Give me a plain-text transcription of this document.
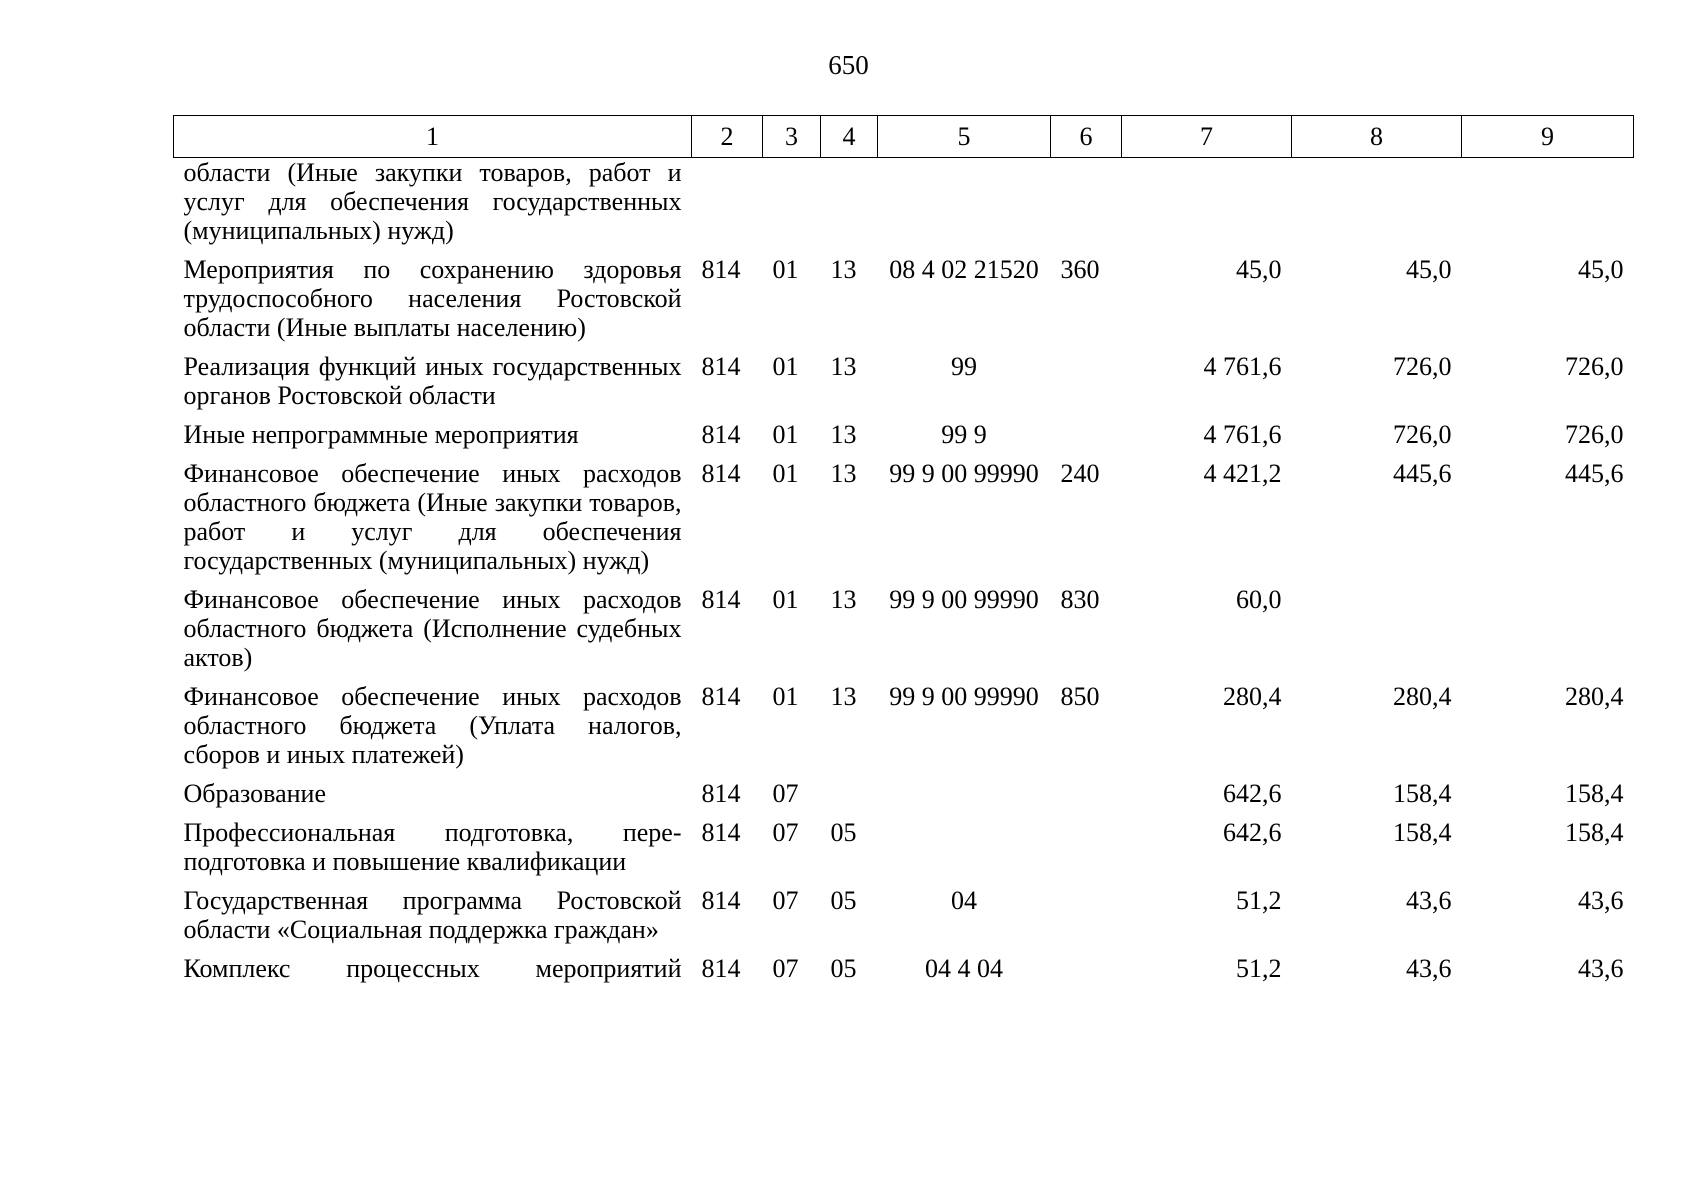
650
1	2	3	4	5	6	7	8	9
области (Иные закупки товаров, работ и услуг для обеспечения государственных (муниципальных) нужд)								
Мероприятия по сохранению здоровья трудоспособного населения Ростовской области (Иные выплаты населению)	814	01	13	08 4 02 21520	360	45,0	45,0	45,0
Реализация функций иных государственных органов Ростовской области	814	01	13	99		4 761,6	726,0	726,0
Иные непрограммные мероприятия	814	01	13	99 9		4 761,6	726,0	726,0
Финансовое обеспечение иных расходов областного бюджета (Иные закупки товаров, работ и услуг для обеспечения государственных (муниципальных) нужд)	814	01	13	99 9 00 99990	240	4 421,2	445,6	445,6
Финансовое обеспечение иных расходов областного бюджета (Исполнение судебных актов)	814	01	13	99 9 00 99990	830	60,0		
Финансовое обеспечение иных расходов областного бюджета (Уплата налогов, сборов и иных платежей)	814	01	13	99 9 00 99990	850	280,4	280,4	280,4
Образование	814	07				642,6	158,4	158,4
Профессиональная подготовка, переподготовка и повышение квалификации	814	07	05			642,6	158,4	158,4
Государственная программа Ростовской области «Социальная поддержка граждан»	814	07	05	04		51,2	43,6	43,6
Комплекс процессных мероприятий	814	07	05	04 4 04		51,2	43,6	43,6
